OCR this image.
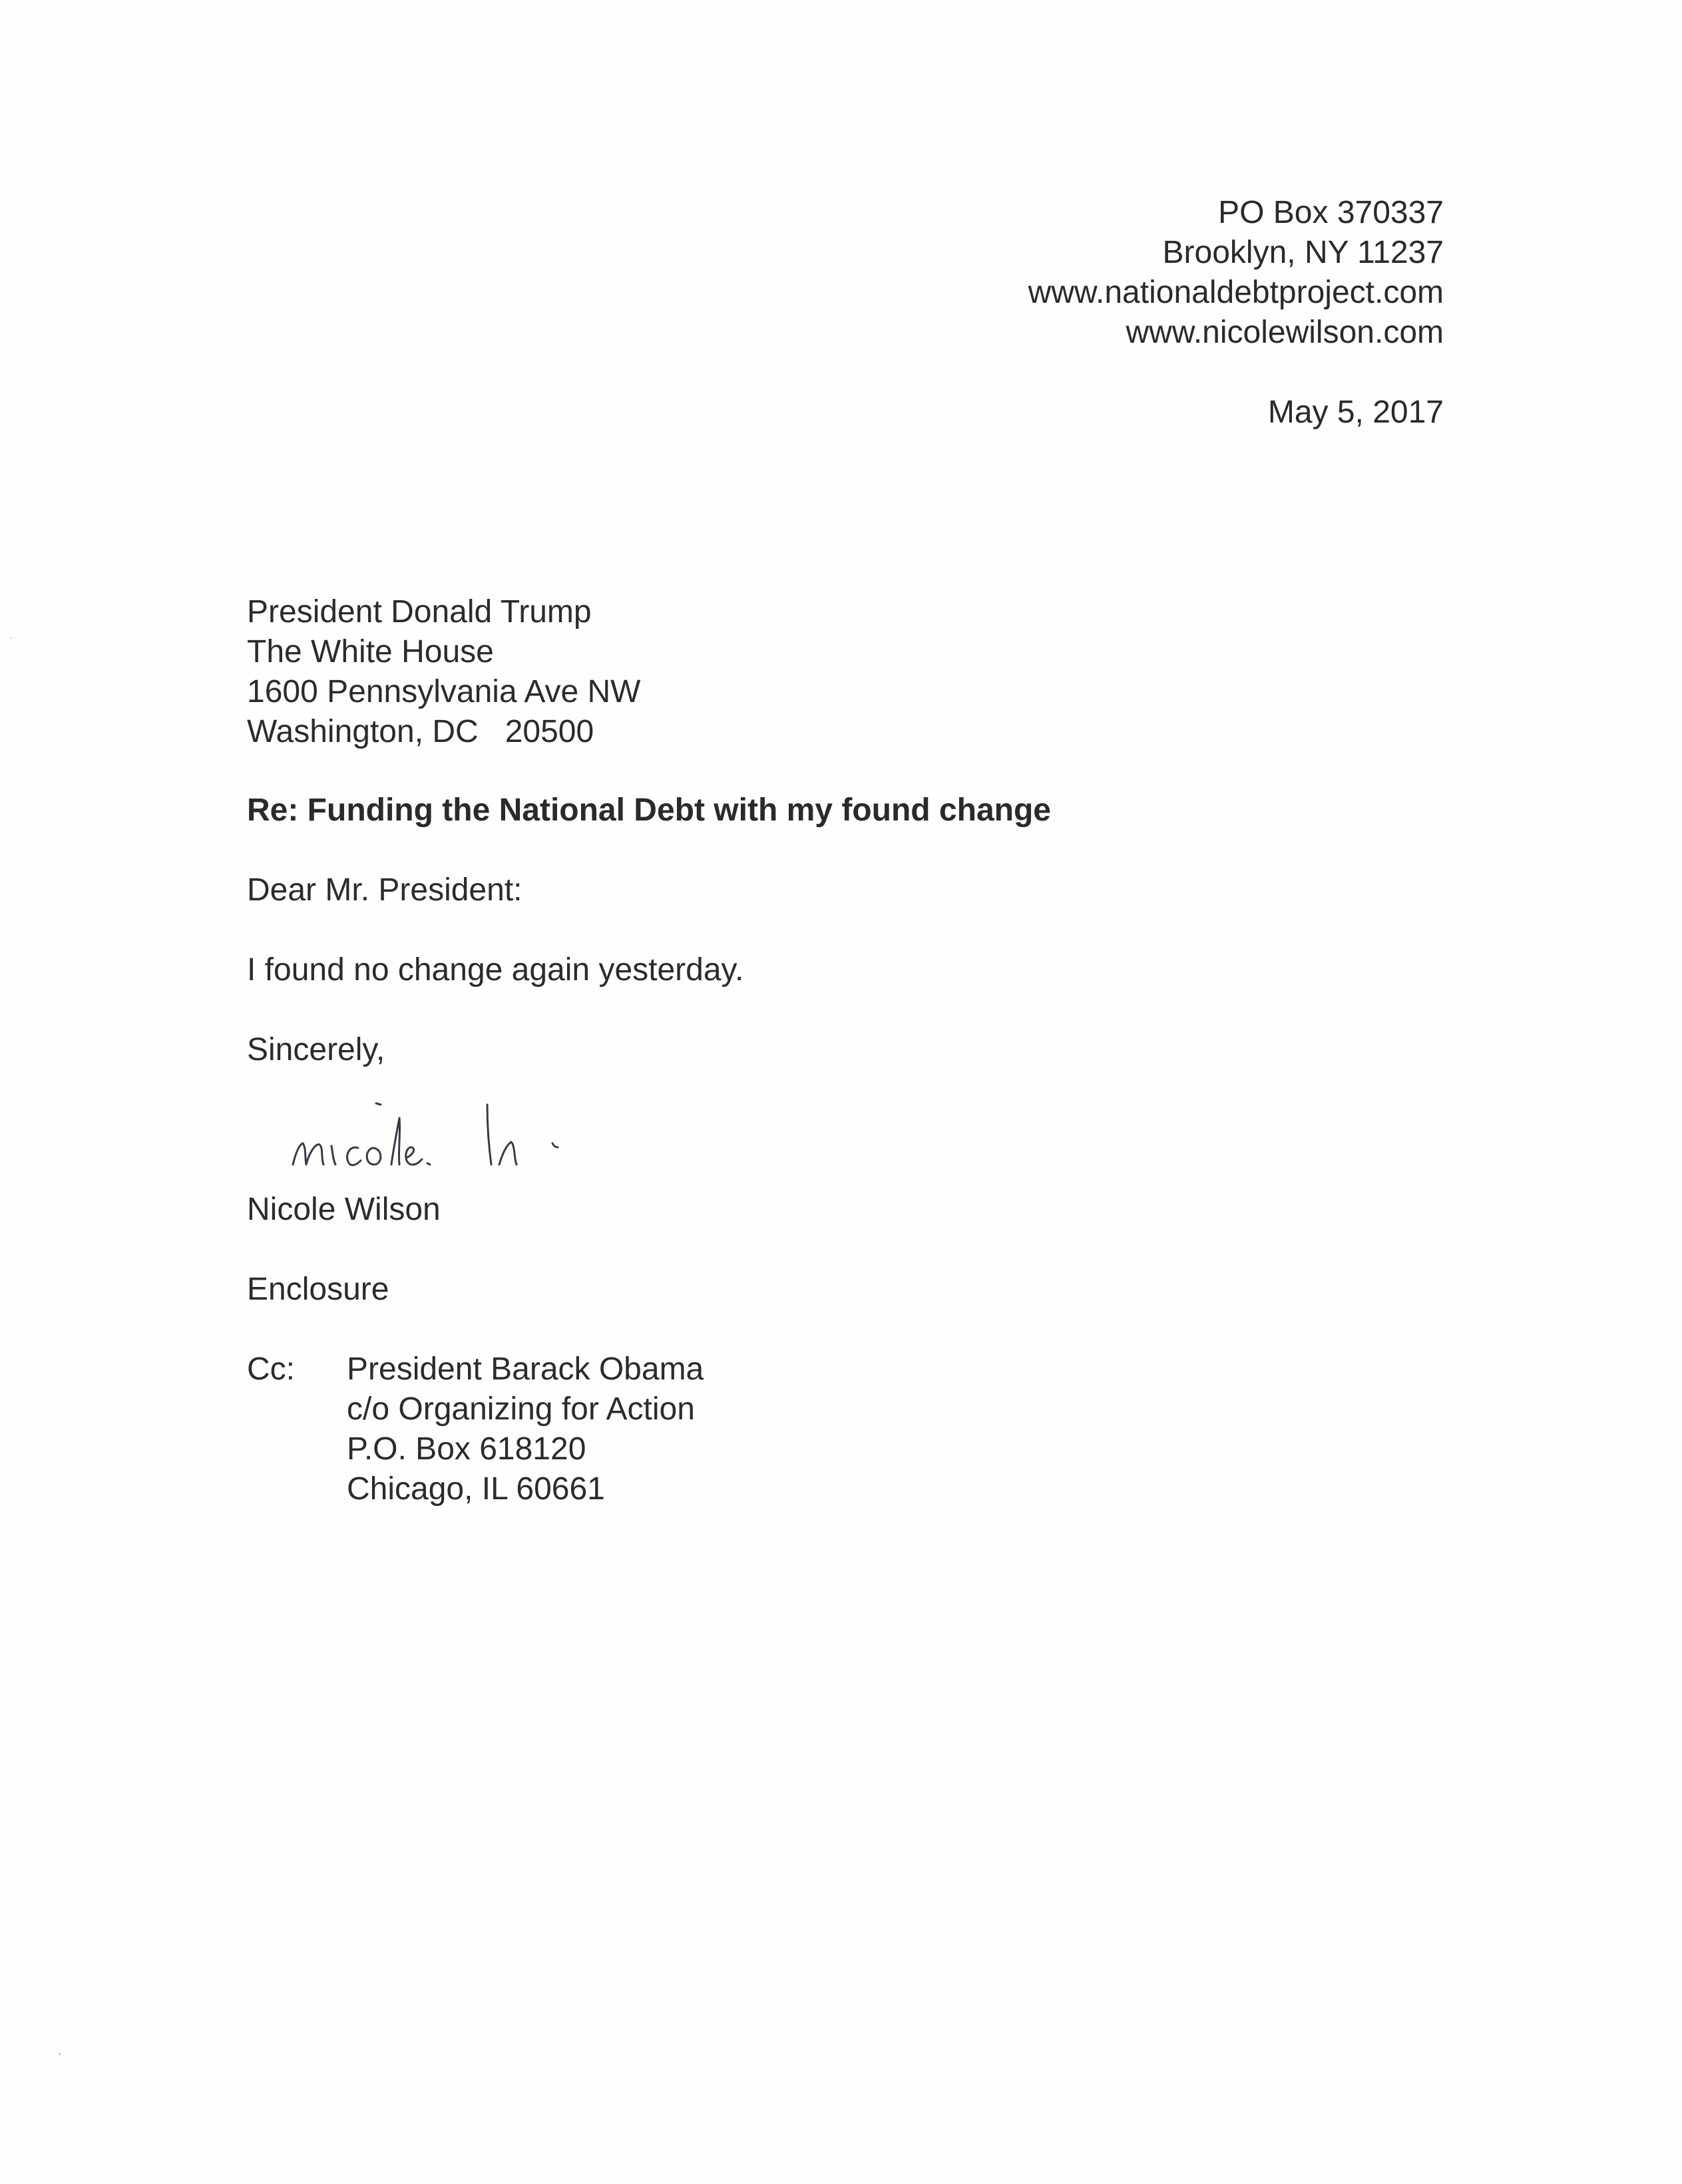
PO Box 370337
Brooklyn, NY 11237
www.nationaldebtproject.com
www.nicolewilson.com
May 5, 2017
President Donald Trump
The White House
1600 Pennsylvania Ave NW
Washington, DC   20500
Re: Funding the National Debt with my found change
Dear Mr. President:
I found no change again yesterday.
Sincerely,
Nicole Wilson
Enclosure
Cc: President Barack Obama
c/o Organizing for Action
P.O. Box 618120
Chicago, IL 60661
